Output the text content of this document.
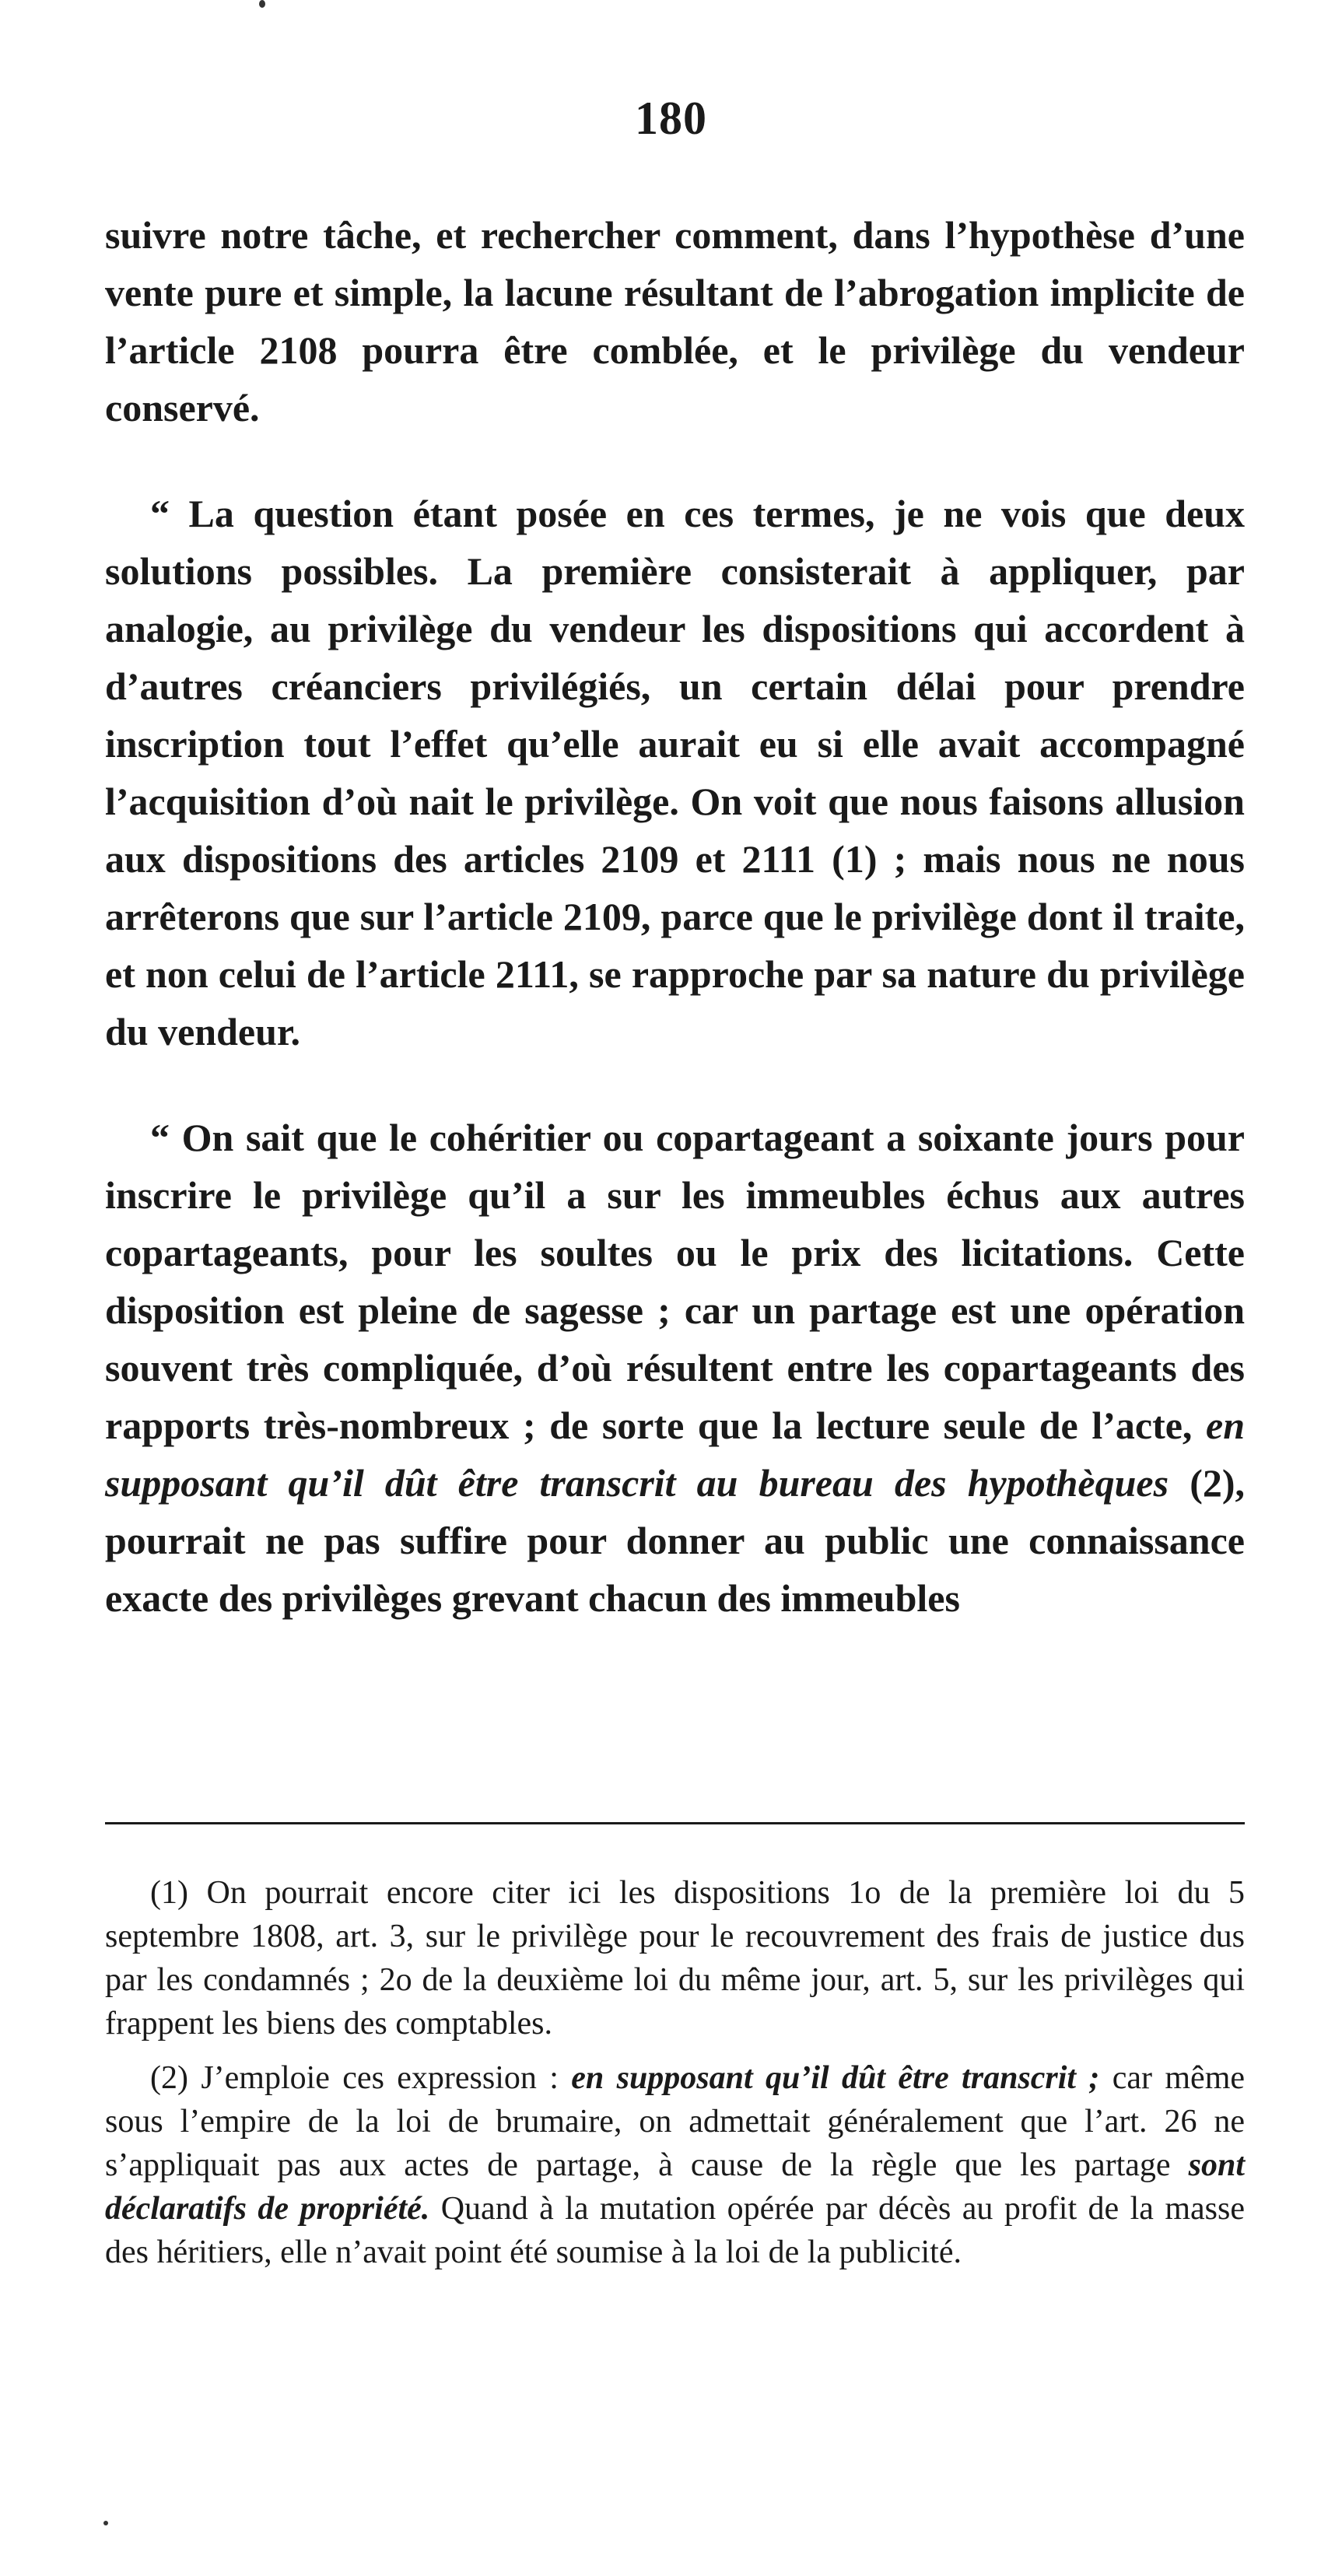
180

suivre notre tâche, et rechercher comment, dans l’hypothèse d’une vente pure et simple, la lacune résultant de l’abrogation implicite de l’article 2108 pourra être comblée, et le privilège du vendeur conservé.

“ La question étant posée en ces termes, je ne vois que deux solutions possibles. La première consisterait à appliquer, par analogie, au privilège du vendeur les dispositions qui accordent à d’autres créanciers privilégiés, un certain délai pour prendre inscription tout l’effet qu’elle aurait eu si elle avait accompagné l’acquisition d’où nait le privilège. On voit que nous faisons allusion aux dispositions des articles 2109 et 2111 (1) ; mais nous ne nous arrêterons que sur l’article 2109, parce que le privilège dont il traite, et non celui de l’article 2111, se rapproche par sa nature du privilège du vendeur.

“ On sait que le cohéritier ou copartageant a soixante jours pour inscrire le privilège qu’il a sur les immeubles échus aux autres copartageants, pour les soultes ou le prix des licitations. Cette disposition est pleine de sagesse ; car un partage est une opération souvent très compliquée, d’où résultent entre les copartageants des rapports très-nombreux ; de sorte que la lecture seule de l’acte, en supposant qu’il dût être transcrit au bureau des hypothèques (2), pourrait ne pas suffire pour donner au public une connaissance exacte des privilèges grevant chacun des immeubles

(1) On pourrait encore citer ici les dispositions 1o de la première loi du 5 septembre 1808, art. 3, sur le privilège pour le recouvrement des frais de justice dus par les condamnés ; 2o de la deuxième loi du même jour, art. 5, sur les privilèges qui frappent les biens des comptables.

(2) J’emploie ces expression : en supposant qu’il dût être transcrit ; car même sous l’empire de la loi de brumaire, on admettait généralement que l’art. 26 ne s’appliquait pas aux actes de partage, à cause de la règle que les partage sont déclaratifs de propriété. Quand à la mutation opérée par décès au profit de la masse des héritiers, elle n’avait point été soumise à la loi de la publicité.
